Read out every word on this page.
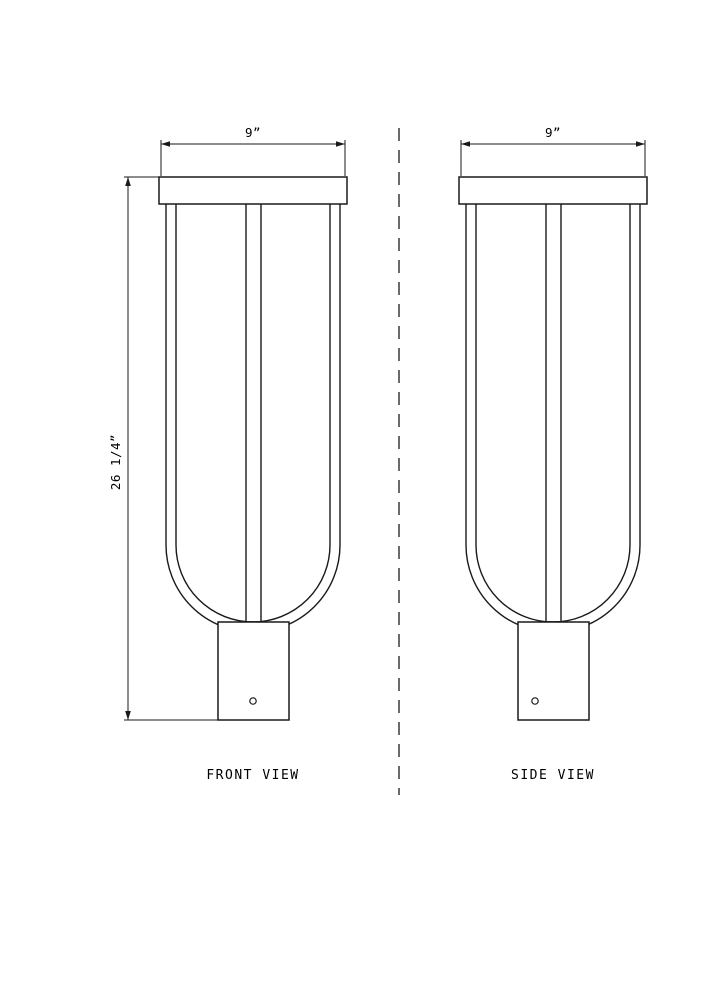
9”	9”
26 1/4”
FRONT VIEW	SIDE VIEW
